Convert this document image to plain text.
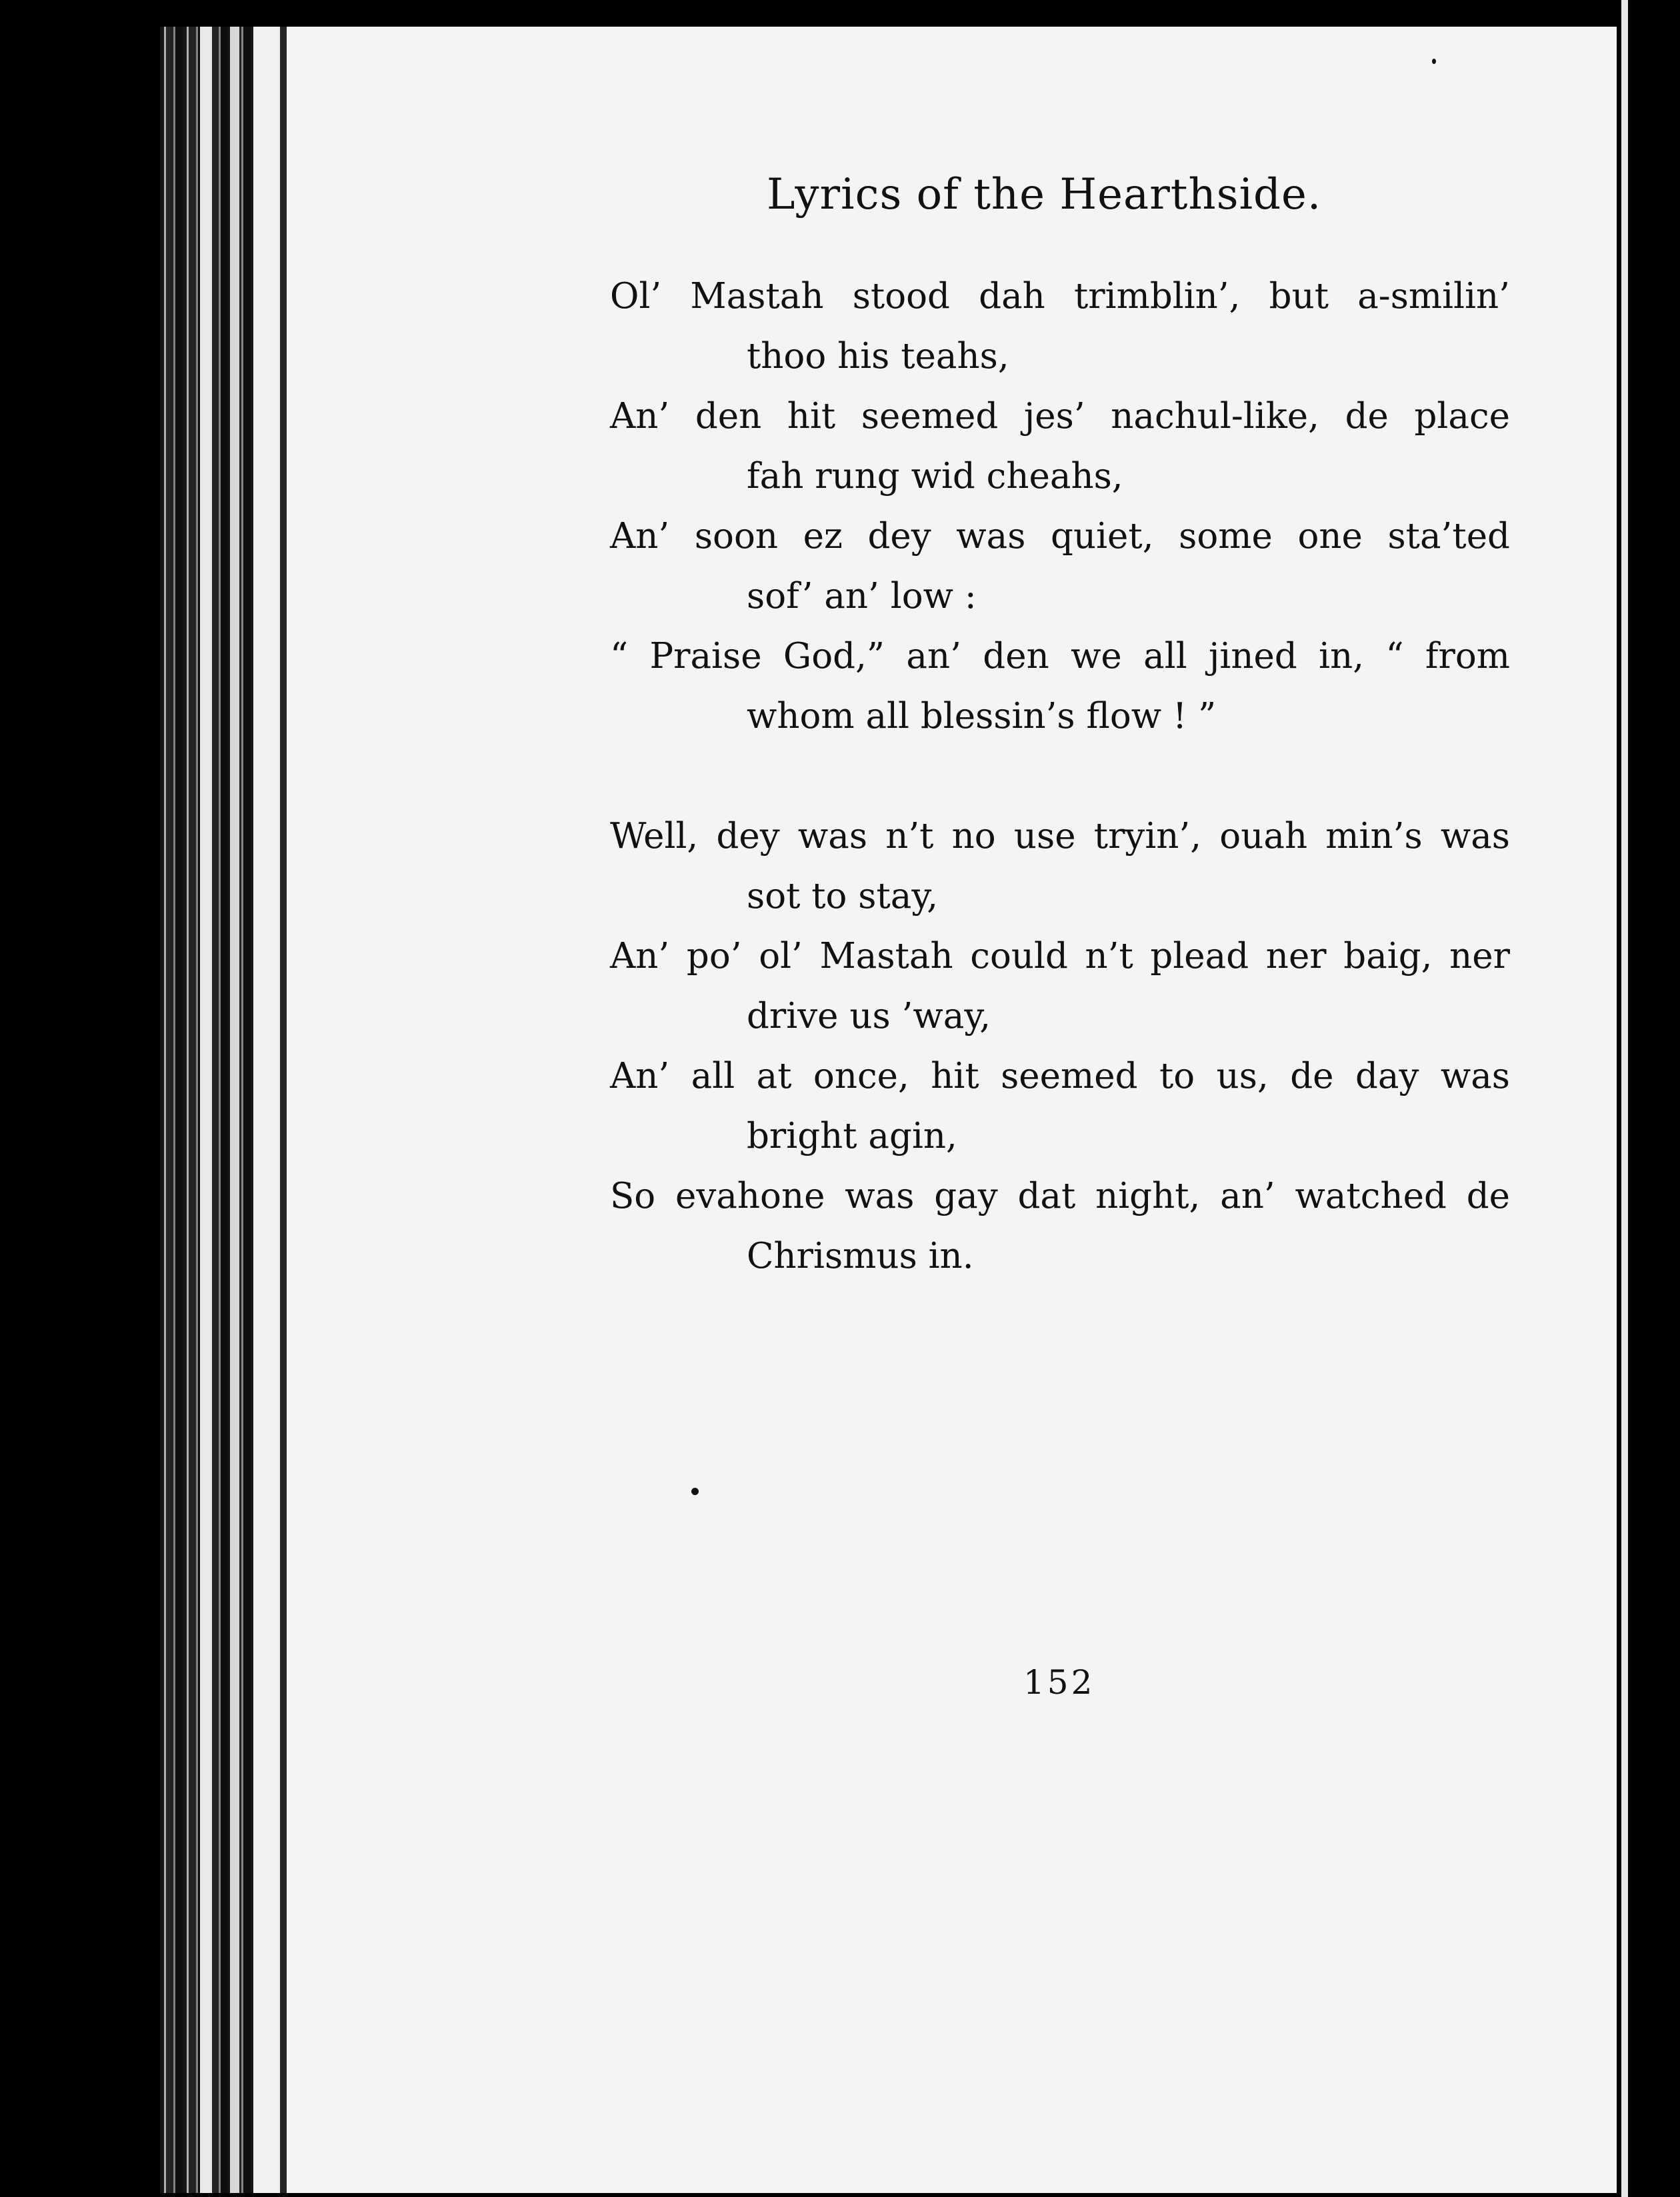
Lyrics of the Hearthside.
Ol’ Mastah stood dah trimblin’, but a-smilin’
thoo his teahs,
An’ den hit seemed jes’ nachul-like, de place
fah rung wid cheahs,
An’ soon ez dey was quiet, some one sta’ted
sof’ an’ low :
“ Praise God,” an’ den we all jined in, “ from
whom all blessin’s flow ! ”
Well, dey was n’t no use tryin’, ouah min’s was
sot to stay,
An’ po’ ol’ Mastah could n’t plead ner baig, ner
drive us ’way,
An’ all at once, hit seemed to us, de day was
bright agin,
So evahone was gay dat night, an’ watched de
Chrismus in.
152
